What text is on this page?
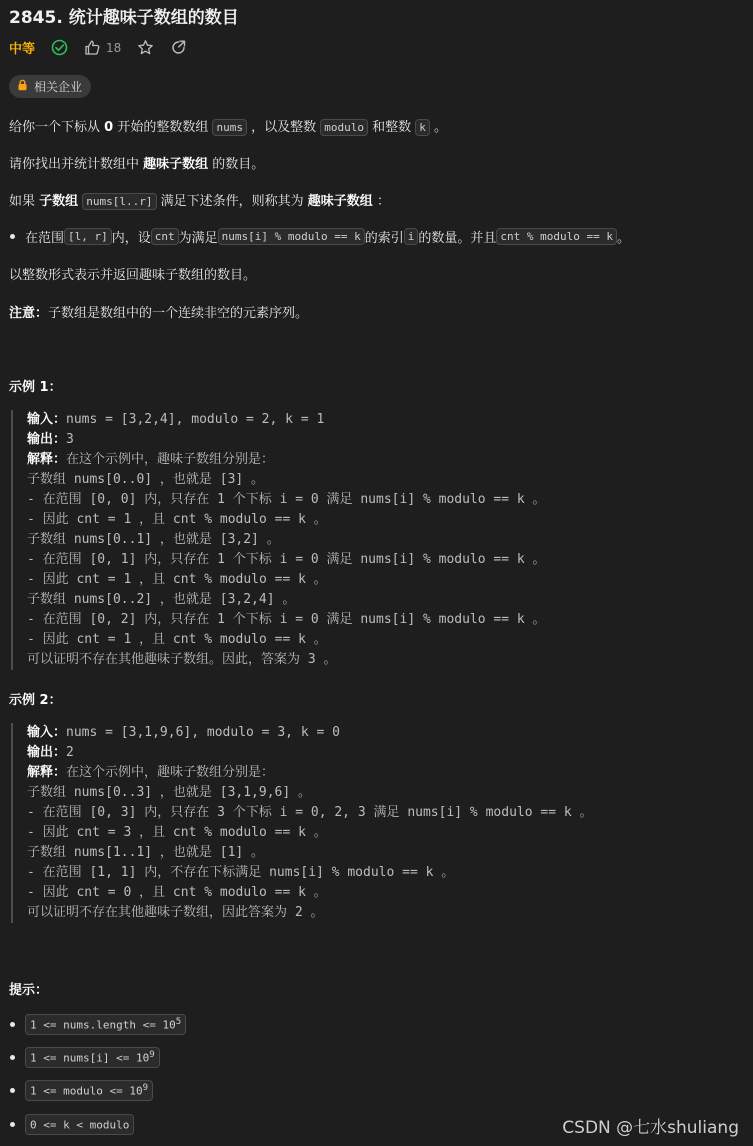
2845. 统计趣味子数组的数目
中等	18
相关企业
给你一个下标从 0 开始的整数数组 nums ，以及整数 modulo 和整数 k 。
请你找出并统计数组中 趣味子数组 的数目。
如果 子数组 nums[l..r] 满足下述条件，则称其为 趣味子数组 ：
在范围 [l, r] 内，设 cnt 为满足 nums[i] % modulo == k 的索引 i 的数量。并且 cnt % modulo == k 。
以整数形式表示并返回趣味子数组的数目。
注意：子数组是数组中的一个连续非空的元素序列。
示例 1：
输入：nums = [3,2,4], modulo = 2, k = 1
输出：3
解释：在这个示例中，趣味子数组分别是：
子数组 nums[0..0] ，也就是 [3] 。
- 在范围 [0, 0] 内，只存在 1 个下标 i = 0 满足 nums[i] % modulo == k 。
- 因此 cnt = 1 ，且 cnt % modulo == k 。
子数组 nums[0..1] ，也就是 [3,2] 。
- 在范围 [0, 1] 内，只存在 1 个下标 i = 0 满足 nums[i] % modulo == k 。
- 因此 cnt = 1 ，且 cnt % modulo == k 。
子数组 nums[0..2] ，也就是 [3,2,4] 。
- 在范围 [0, 2] 内，只存在 1 个下标 i = 0 满足 nums[i] % modulo == k 。
- 因此 cnt = 1 ，且 cnt % modulo == k 。
可以证明不存在其他趣味子数组。因此，答案为 3 。
示例 2：
输入：nums = [3,1,9,6], modulo = 3, k = 0
输出：2
解释：在这个示例中，趣味子数组分别是：
子数组 nums[0..3] ，也就是 [3,1,9,6] 。
- 在范围 [0, 3] 内，只存在 3 个下标 i = 0, 2, 3 满足 nums[i] % modulo == k 。
- 因此 cnt = 3 ，且 cnt % modulo == k 。
子数组 nums[1..1] ，也就是 [1] 。
- 在范围 [1, 1] 内，不存在下标满足 nums[i] % modulo == k 。
- 因此 cnt = 0 ，且 cnt % modulo == k 。
可以证明不存在其他趣味子数组，因此答案为 2 。
提示：
1 <= nums.length <= $10^5$
1 <= nums[i] <= $10^9$
1 <= modulo <= $10^9$
0 <= k < modulo	CSDN @七水shuliang
